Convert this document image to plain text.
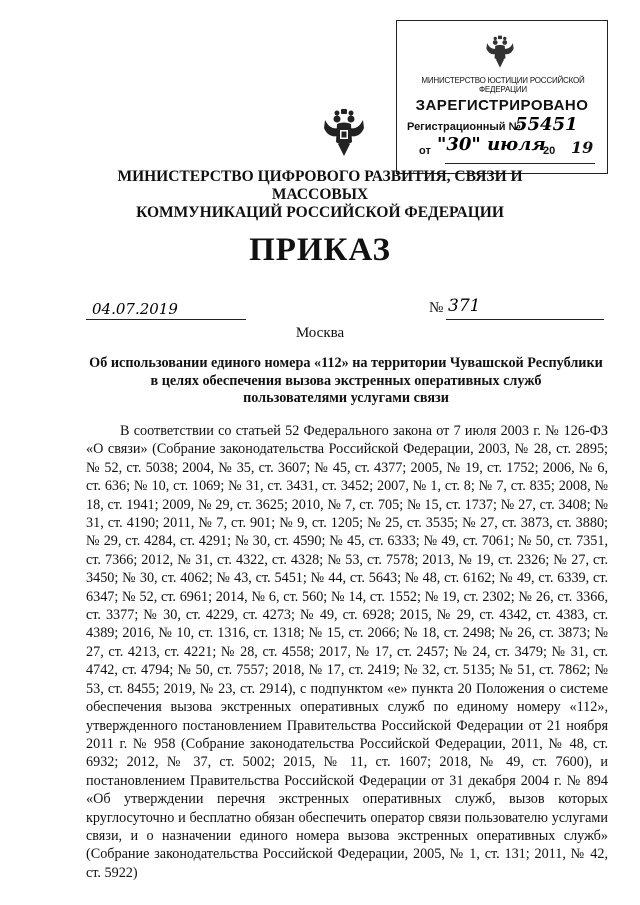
МИНИСТЕРСТВО ЮСТИЦИИ РОССИЙСКОЙ ФЕДЕРАЦИИ
ЗАРЕГИСТРИРОВАНО
Регистрационный №
55451
от "30" июля
20 19
МИНИСТЕРСТВО ЦИФРОВОГО РАЗВИТИЯ, СВЯЗИ И МАССОВЫХ
КОММУНИКАЦИЙ РОССИЙСКОЙ ФЕДЕРАЦИИ
ПРИКАЗ
04.07.2019	№ 371
Москва
Об использовании единого номера «112» на территории Чувашской Республики
в целях обеспечения вызова экстренных оперативных служб
пользователями услугами связи
В соответствии со статьей 52 Федерального закона от 7 июля 2003 г. № 126-ФЗ «О связи» (Собрание законодательства Российской Федерации, 2003, № 28, ст. 2895; № 52, ст. 5038; 2004, № 35, ст. 3607; № 45, ст. 4377; 2005, № 19, ст. 1752; 2006, № 6, ст. 636; № 10, ст. 1069; № 31, ст. 3431, ст. 3452; 2007, № 1, ст. 8; № 7, ст. 835; 2008, № 18, ст. 1941; 2009, № 29, ст. 3625; 2010, № 7, ст. 705; № 15, ст. 1737; № 27, ст. 3408; № 31, ст. 4190; 2011, № 7, ст. 901; № 9, ст. 1205; № 25, ст. 3535; № 27, ст. 3873, ст. 3880; № 29, ст. 4284, ст. 4291; № 30, ст. 4590; № 45, ст. 6333; № 49, ст. 7061; № 50, ст. 7351, ст. 7366; 2012, № 31, ст. 4322, ст. 4328; № 53, ст. 7578; 2013, № 19, ст. 2326; № 27, ст. 3450; № 30, ст. 4062; № 43, ст. 5451; № 44, ст. 5643; № 48, ст. 6162; № 49, ст. 6339, ст. 6347; № 52, ст. 6961; 2014, № 6, ст. 560; № 14, ст. 1552; № 19, ст. 2302; № 26, ст. 3366, ст. 3377; № 30, ст. 4229, ст. 4273; № 49, ст. 6928; 2015, № 29, ст. 4342, ст. 4383, ст. 4389; 2016, № 10, ст. 1316, ст. 1318; № 15, ст. 2066; № 18, ст. 2498; № 26, ст. 3873; № 27, ст. 4213, ст. 4221; № 28, ст. 4558; 2017, № 17, ст. 2457; № 24, ст. 3479; № 31, ст. 4742, ст. 4794; № 50, ст. 7557; 2018, № 17, ст. 2419; № 32, ст. 5135; № 51, ст. 7862; № 53, ст. 8455; 2019, № 23, ст. 2914), с подпунктом «е» пункта 20 Положения о системе обеспечения вызова экстренных оперативных служб по единому номеру «112», утвержденного постановлением Правительства Российской Федерации от 21 ноября 2011 г. № 958 (Собрание законодательства Российской Федерации, 2011, № 48, ст. 6932; 2012, № 37, ст. 5002; 2015, № 11, ст. 1607; 2018, № 49, ст. 7600), и постановлением Правительства Российской Федерации от 31 декабря 2004 г. № 894 «Об утверждении перечня экстренных оперативных служб, вызов которых круглосуточно и бесплатно обязан обеспечить оператор связи пользователю услугами связи, и о назначении единого номера вызова экстренных оперативных служб» (Собрание законодательства Российской Федерации, 2005, № 1, ст. 131; 2011, № 42, ст. 5922)
